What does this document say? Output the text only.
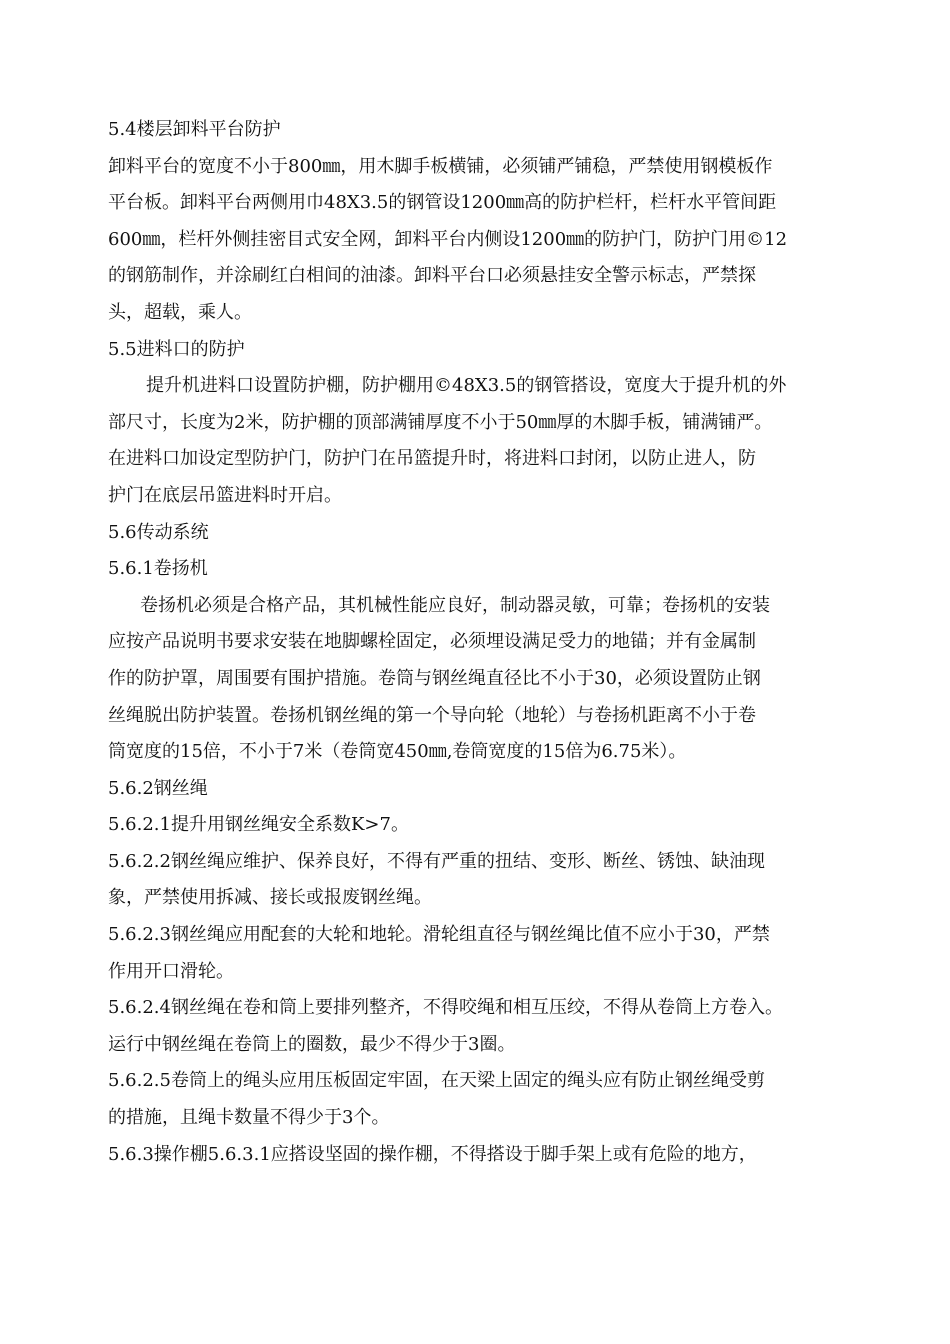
5.4楼层卸料平台防护
卸料平台的宽度不小于800㎜，用木脚手板横铺，必须铺严铺稳，严禁使用钢模板作
平台板。卸料平台两侧用巾48X3.5的钢管设1200㎜高的防护栏杆，栏杆水平管间距
600㎜，栏杆外侧挂密目式安全网，卸料平台内侧设1200㎜的防护门，防护门用©12
的钢筋制作，并涂刷红白相间的油漆。卸料平台口必须悬挂安全警示标志，严禁探
头，超载，乘人。
5.5进料口的防护
提升机进料口设置防护棚，防护棚用©48X3.5的钢管搭设，宽度大于提升机的外
部尺寸，长度为2米，防护棚的顶部满铺厚度不小于50㎜厚的木脚手板，铺满铺严。
在进料口加设定型防护门，防护门在吊篮提升时，将进料口封闭，以防止进人，防
护门在底层吊篮进料时开启。
5.6传动系统
5.6.1卷扬机
卷扬机必须是合格产品，其机械性能应良好，制动器灵敏，可靠；卷扬机的安装
应按产品说明书要求安装在地脚螺栓固定，必须埋设满足受力的地锚；并有金属制
作的防护罩，周围要有围护措施。卷筒与钢丝绳直径比不小于30，必须设置防止钢
丝绳脱出防护装置。卷扬机钢丝绳的第一个导向轮（地轮）与卷扬机距离不小于卷
筒宽度的15倍，不小于7米（卷筒宽450㎜,卷筒宽度的15倍为6.75米）。
5.6.2钢丝绳
5.6.2.1提升用钢丝绳安全系数K>7。
5.6.2.2钢丝绳应维护、保养良好，不得有严重的扭结、变形、断丝、锈蚀、缺油现
象，严禁使用拆减、接长或报废钢丝绳。
5.6.2.3钢丝绳应用配套的大轮和地轮。滑轮组直径与钢丝绳比值不应小于30，严禁
作用开口滑轮。
5.6.2.4钢丝绳在卷和筒上要排列整齐，不得咬绳和相互压绞，不得从卷筒上方卷入。
运行中钢丝绳在卷筒上的圈数，最少不得少于3圈。
5.6.2.5卷筒上的绳头应用压板固定牢固，在天梁上固定的绳头应有防止钢丝绳受剪
的措施，且绳卡数量不得少于3个。
5.6.3操作棚5.6.3.1应搭设坚固的操作棚，不得搭设于脚手架上或有危险的地方，
